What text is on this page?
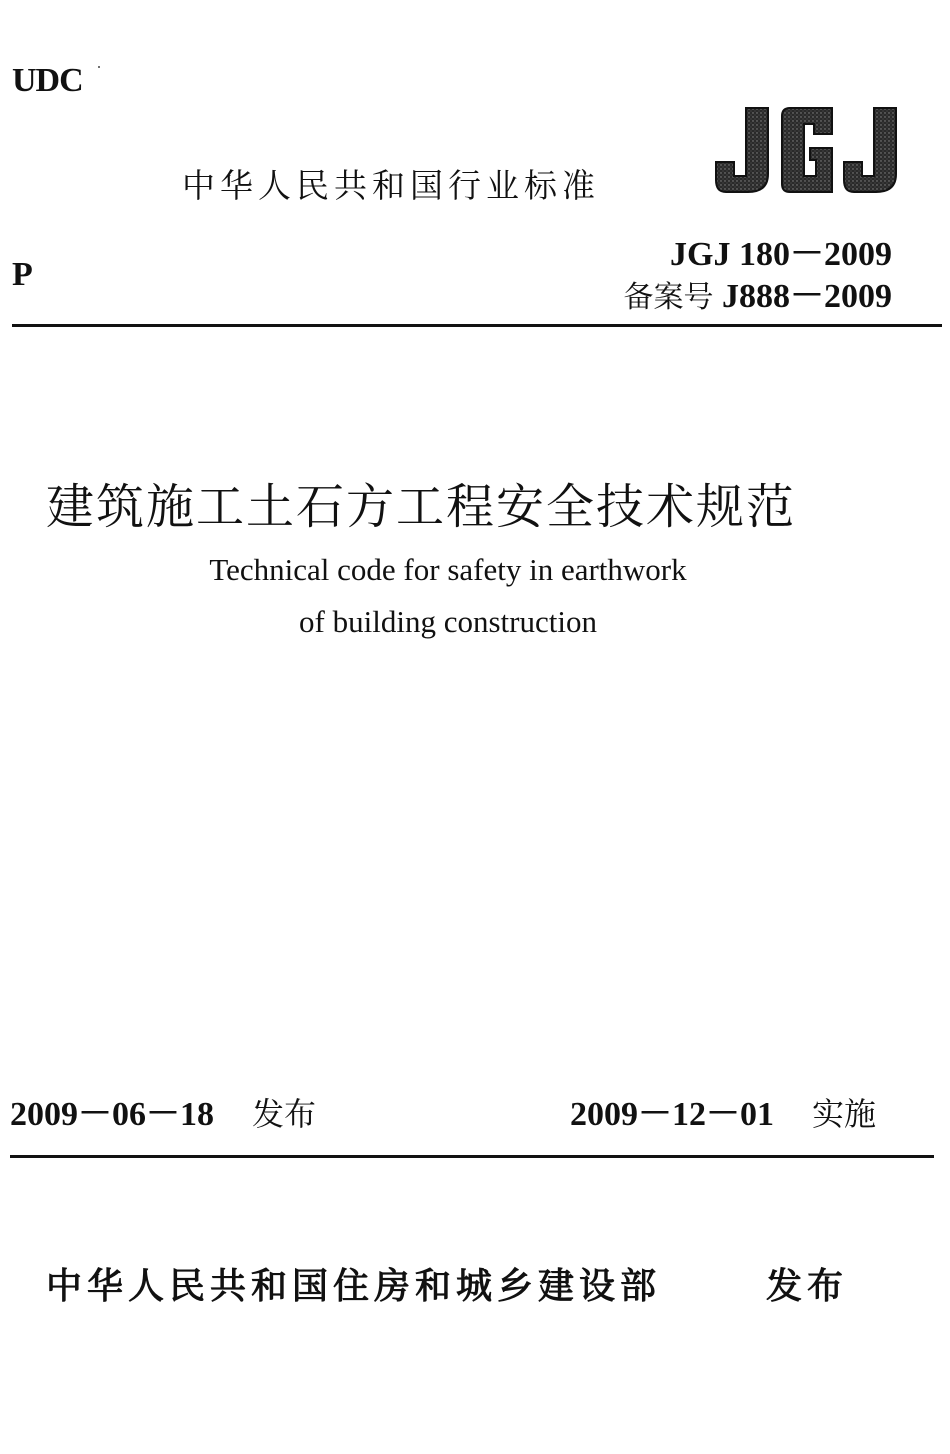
UDC
中华人民共和国行业标准
JGJ 180－2009
备案号 J888－2009
P
建筑施工土石方工程安全技术规范
Technical code for safety in earthwork
of building construction
2009－06－18 发布	2009－12－01 实施
中华人民共和国住房和城乡建设部	发布
